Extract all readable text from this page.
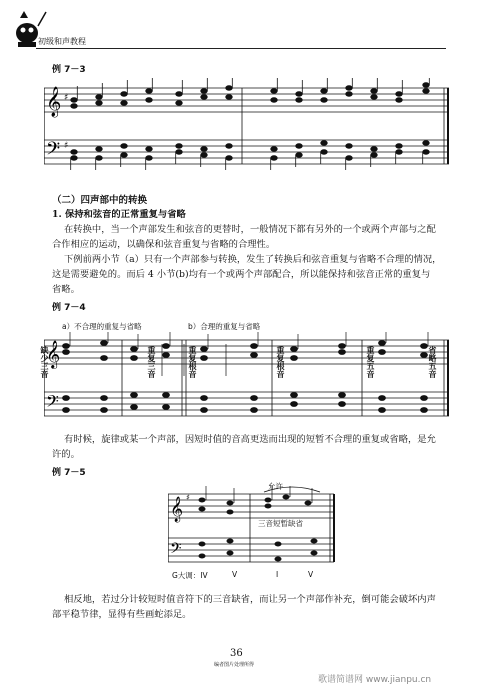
初级和声教程
例 7－3
𝄞
𝄢
♯
♯
（二）四声部中的转换
1. 保持和弦音的正常重复与省略
在转换中，当一个声部发生和弦音的更替时，一般情况下都有另外的一个或两个声部与之配
合作相应的运动，以确保和弦音重复与省略的合理性。
下例前两小节（a）只有一个声部参与转换，发生了转换后和弦音重复与省略不合理的情况，
这是需要避免的。而后 4 小节(b)均有一个或两个声部配合，所以能保持和弦音正常的重复与
省略。
例 7－4
a）不合理的重复与省略	b）合理的重复与省略
𝄞
𝄢
缺少三音	重复三音	重复根音	重复根音	重复五音	省略五音
有时候，旋律或某一个声部，因短时值的音高更迭而出现的短暂不合理的重复或省略，是允
许的。
例 7－5
允许
𝄞
𝄢
♯
三音短暂缺省
G大调：IV	V	I	V
相反地，若过分计较短时值音符下的三音缺省，而让另一个声部作补充，倒可能会破坏内声
部平稳节律，显得有些画蛇添足。
36
编者图片处理所得
歌谱简谱网 www.jianpu.cn
